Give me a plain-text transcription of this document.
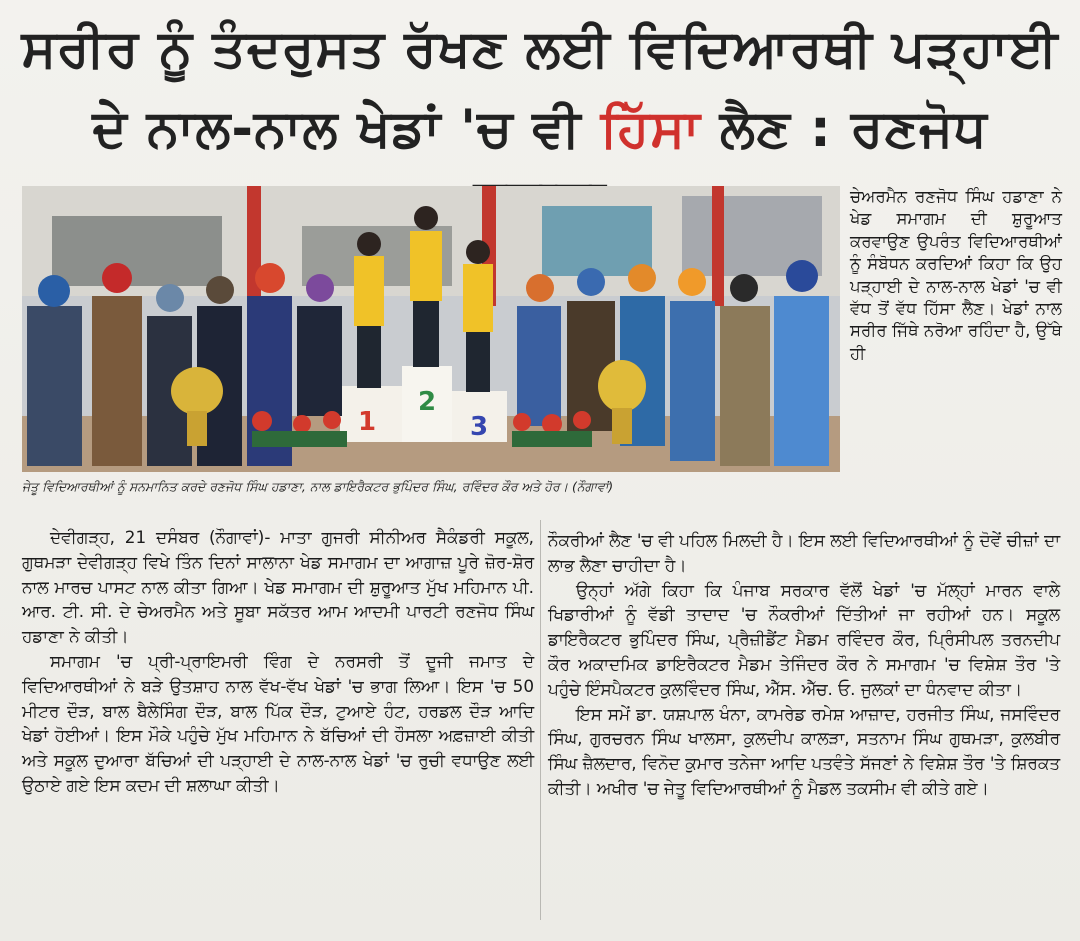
ਸਰੀਰ ਨੂੰ ਤੰਦਰੁਸਤ ਰੱਖਣ ਲਈ ਵਿਦਿਆਰਥੀ ਪੜ੍ਹਾਈ
ਦੇ ਨਾਲ-ਨਾਲ ਖੇਡਾਂ 'ਚ ਵੀ ਹਿੱਸਾ ਲੈਣ : ਰਣਜੋਧ
1
2
3
ਜੇਤੂ ਵਿਦਿਆਰਥੀਆਂ ਨੂੰ ਸਨਮਾਨਿਤ ਕਰਦੇ ਰਣਜੋਧ ਸਿੰਘ ਹਡਾਣਾ, ਨਾਲ ਡਾਇਰੈਕਟਰ ਭੁਪਿੰਦਰ ਸਿੰਘ, ਰਵਿੰਦਰ ਕੌਰ ਅਤੇ ਹੋਰ। (ਨੌਗਾਵਾਂ)

ਚੇਅਰਮੈਨ ਰਣਜੋਧ ਸਿੰਘ ਹਡਾਣਾ ਨੇ ਖੇਡ ਸਮਾਗਮ ਦੀ ਸ਼ੁਰੂਆਤ ਕਰਵਾਉਣ ਉਪਰੰਤ ਵਿਦਿਆਰਥੀਆਂ ਨੂੰ ਸੰਬੋਧਨ ਕਰਦਿਆਂ ਕਿਹਾ ਕਿ ਉਹ ਪੜ੍ਹਾਈ ਦੇ ਨਾਲ-ਨਾਲ ਖੇਡਾਂ 'ਚ ਵੀ ਵੱਧ ਤੋਂ ਵੱਧ ਹਿੱਸਾ ਲੈਣ। ਖੇਡਾਂ ਨਾਲ ਸਰੀਰ ਜਿੱਥੇ ਨਰੋਆ ਰਹਿੰਦਾ ਹੈ, ਉੱਥੇ ਹੀ

ਦੇਵੀਗੜ੍ਹ, 21 ਦਸੰਬਰ (ਨੌਗਾਵਾਂ)- ਮਾਤਾ ਗੁਜਰੀ ਸੀਨੀਅਰ ਸੈਕੰਡਰੀ ਸਕੂਲ, ਗੁਥਮੜਾ ਦੇਵੀਗੜ੍ਹ ਵਿਖੇ ਤਿੰਨ ਦਿਨਾਂ ਸਾਲਾਨਾ ਖੇਡ ਸਮਾਗਮ ਦਾ ਆਗਾਜ਼ ਪੂਰੇ ਜ਼ੋਰ-ਸ਼ੋਰ ਨਾਲ ਮਾਰਚ ਪਾਸਟ ਨਾਲ ਕੀਤਾ ਗਿਆ। ਖੇਡ ਸਮਾਗਮ ਦੀ ਸ਼ੁਰੂਆਤ ਮੁੱਖ ਮਹਿਮਾਨ ਪੀ. ਆਰ. ਟੀ. ਸੀ. ਦੇ ਚੇਅਰਮੈਨ ਅਤੇ ਸੂਬਾ ਸਕੱਤਰ ਆਮ ਆਦਮੀ ਪਾਰਟੀ ਰਣਜੋਧ ਸਿੰਘ ਹਡਾਣਾ ਨੇ ਕੀਤੀ।

ਸਮਾਗਮ 'ਚ ਪ੍ਰੀ-ਪ੍ਰਾਇਮਰੀ ਵਿੰਗ ਦੇ ਨਰਸਰੀ ਤੋਂ ਦੂਜੀ ਜਮਾਤ ਦੇ ਵਿਦਿਆਰਥੀਆਂ ਨੇ ਬੜੇ ਉਤਸ਼ਾਹ ਨਾਲ ਵੱਖ-ਵੱਖ ਖੇਡਾਂ 'ਚ ਭਾਗ ਲਿਆ। ਇਸ 'ਚ 50 ਮੀਟਰ ਦੌੜ, ਬਾਲ ਬੈਲੇਸਿੰਗ ਦੌੜ, ਬਾਲ ਪਿੱਕ ਦੌੜ, ਟੁਆਏ ਹੰਟ, ਹਰਡਲ ਦੌੜ ਆਦਿ ਖੇਡਾਂ ਹੋਈਆਂ। ਇਸ ਮੌਕੇ ਪਹੁੰਚੇ ਮੁੱਖ ਮਹਿਮਾਨ ਨੇ ਬੱਚਿਆਂ ਦੀ ਹੌਸਲਾ ਅਫ਼ਜ਼ਾਈ ਕੀਤੀ ਅਤੇ ਸਕੂਲ ਦੁਆਰਾ ਬੱਚਿਆਂ ਦੀ ਪੜ੍ਹਾਈ ਦੇ ਨਾਲ-ਨਾਲ ਖੇਡਾਂ 'ਚ ਰੁਚੀ ਵਧਾਉਣ ਲਈ ਉਠਾਏ ਗਏ ਇਸ ਕਦਮ ਦੀ ਸ਼ਲਾਘਾ ਕੀਤੀ।

ਨੌਕਰੀਆਂ ਲੈਣ 'ਚ ਵੀ ਪਹਿਲ ਮਿਲਦੀ ਹੈ। ਇਸ ਲਈ ਵਿਦਿਆਰਥੀਆਂ ਨੂੰ ਦੋਵੇਂ ਚੀਜ਼ਾਂ ਦਾ ਲਾਭ ਲੈਣਾ ਚਾਹੀਦਾ ਹੈ।

ਉਨ੍ਹਾਂ ਅੱਗੇ ਕਿਹਾ ਕਿ ਪੰਜਾਬ ਸਰਕਾਰ ਵੱਲੋਂ ਖੇਡਾਂ 'ਚ ਮੱਲ੍ਹਾਂ ਮਾਰਨ ਵਾਲੇ ਖਿਡਾਰੀਆਂ ਨੂੰ ਵੱਡੀ ਤਾਦਾਦ 'ਚ ਨੌਕਰੀਆਂ ਦਿੱਤੀਆਂ ਜਾ ਰਹੀਆਂ ਹਨ। ਸਕੂਲ ਡਾਇਰੈਕਟਰ ਭੁਪਿੰਦਰ ਸਿੰਘ, ਪ੍ਰੈਜ਼ੀਡੈਂਟ ਮੈਡਮ ਰਵਿੰਦਰ ਕੌਰ, ਪ੍ਰਿੰਸੀਪਲ ਤਰਨਦੀਪ ਕੌਰ ਅਕਾਦਮਿਕ ਡਾਇਰੈਕਟਰ ਮੈਡਮ ਤੇਜਿੰਦਰ ਕੌਰ ਨੇ ਸਮਾਗਮ 'ਚ ਵਿਸ਼ੇਸ਼ ਤੌਰ 'ਤੇ ਪਹੁੰਚੇ ਇੰਸਪੈਕਟਰ ਕੁਲਵਿੰਦਰ ਸਿੰਘ, ਐੱਸ. ਐੱਚ. ਓ. ਜੁਲਕਾਂ ਦਾ ਧੰਨਵਾਦ ਕੀਤਾ।

ਇਸ ਸਮੇਂ ਡਾ. ਯਸ਼ਪਾਲ ਖੰਨਾ, ਕਾਮਰੇਡ ਰਮੇਸ਼ ਆਜ਼ਾਦ, ਹਰਜੀਤ ਸਿੰਘ, ਜਸਵਿੰਦਰ ਸਿੰਘ, ਗੁਰਚਰਨ ਸਿੰਘ ਖਾਲਸਾ, ਕੁਲਦੀਪ ਕਾਲੜਾ, ਸਤਨਾਮ ਸਿੰਘ ਗੁਥਮੜਾ, ਕੁਲਬੀਰ ਸਿੰਘ ਜ਼ੈਲਦਾਰ, ਵਿਨੋਦ ਕੁਮਾਰ ਤਨੇਜਾ ਆਦਿ ਪਤਵੰਤੇ ਸੱਜਣਾਂ ਨੇ ਵਿਸ਼ੇਸ਼ ਤੌਰ 'ਤੇ ਸ਼ਿਰਕਤ ਕੀਤੀ। ਅਖੀਰ 'ਚ ਜੇਤੂ ਵਿਦਿਆਰਥੀਆਂ ਨੂੰ ਮੈਡਲ ਤਕਸੀਮ ਵੀ ਕੀਤੇ ਗਏ।
